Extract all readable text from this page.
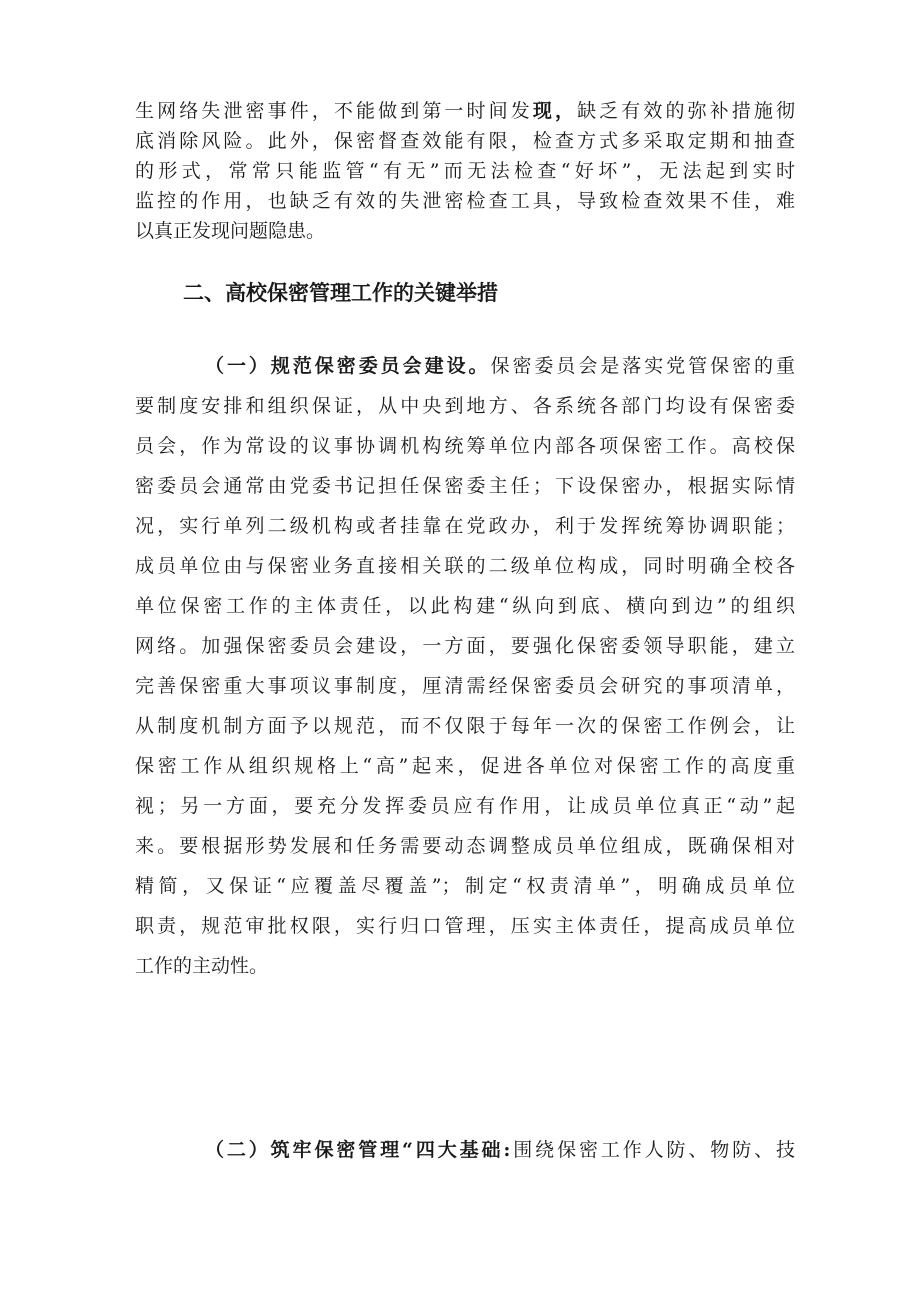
生网络失泄密事件，不能做到第一时间发现，缺乏有效的弥补措施彻
底消除风险。此外，保密督查效能有限，检查方式多采取定期和抽查
的形式，常常只能监管“有无”而无法检查“好坏”，无法起到实时
监控的作用，也缺乏有效的失泄密检查工具，导致检查效果不佳，难
以真正发现问题隐患。
二、高校保密管理工作的关键举措
（一）规范保密委员会建设。保密委员会是落实党管保密的重
要制度安排和组织保证，从中央到地方、各系统各部门均设有保密委
员会，作为常设的议事协调机构统筹单位内部各项保密工作。高校保
密委员会通常由党委书记担任保密委主任；下设保密办，根据实际情
况，实行单列二级机构或者挂靠在党政办，利于发挥统筹协调职能；
成员单位由与保密业务直接相关联的二级单位构成，同时明确全校各
单位保密工作的主体责任，以此构建“纵向到底、横向到边”的组织
网络。加强保密委员会建设，一方面，要强化保密委领导职能，建立
完善保密重大事项议事制度，厘清需经保密委员会研究的事项清单，
从制度机制方面予以规范，而不仅限于每年一次的保密工作例会，让
保密工作从组织规格上“高”起来，促进各单位对保密工作的高度重
视；另一方面，要充分发挥委员应有作用，让成员单位真正“动”起
来。要根据形势发展和任务需要动态调整成员单位组成，既确保相对
精简，又保证“应覆盖尽覆盖”；制定“权责清单”，明确成员单位
职责，规范审批权限，实行归口管理，压实主体责任，提高成员单位
工作的主动性。
（二）筑牢保密管理“四大基础:围绕保密工作人防、物防、技
